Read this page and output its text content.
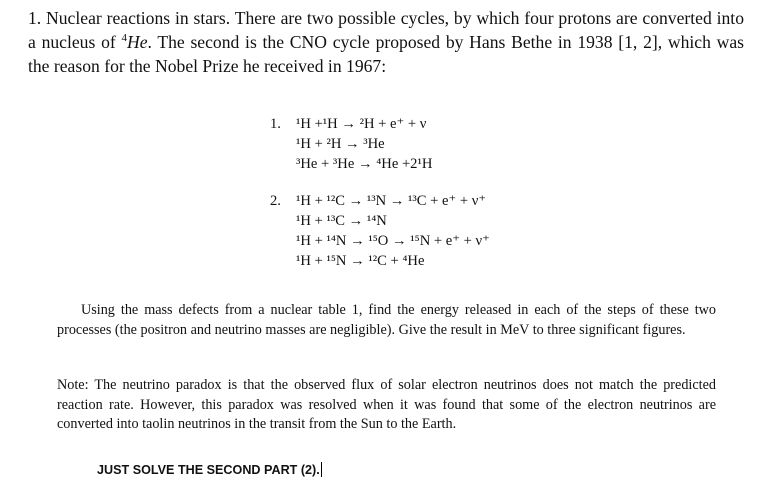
1. Nuclear reactions in stars. There are two possible cycles, by which four protons are converted into a nucleus of $^4$He. The second is the CNO cycle proposed by Hans Bethe in 1938 [1, 2], which was the reason for the Nobel Prize he received in 1967:

1.	¹H +¹H → ²H + e⁺ + ν
¹H + ²H → ³He
³He + ³He → ⁴He +2¹H
2.	¹H + ¹²C → ¹³N → ¹³C + e⁺ + ν⁺
¹H + ¹³C → ¹⁴N
¹H + ¹⁴N → ¹⁵O → ¹⁵N + e⁺ + ν⁺
¹H + ¹⁵N → ¹²C + ⁴He

Using the mass defects from a nuclear table 1, find the energy released in each of the steps of these two processes (the positron and neutrino masses are negligible). Give the result in MeV to three significant figures.

Note: The neutrino paradox is that the observed flux of solar electron neutrinos does not match the predicted reaction rate. However, this paradox was resolved when it was found that some of the electron neutrinos are converted into taolin neutrinos in the transit from the Sun to the Earth.

JUST SOLVE THE SECOND PART (2).
